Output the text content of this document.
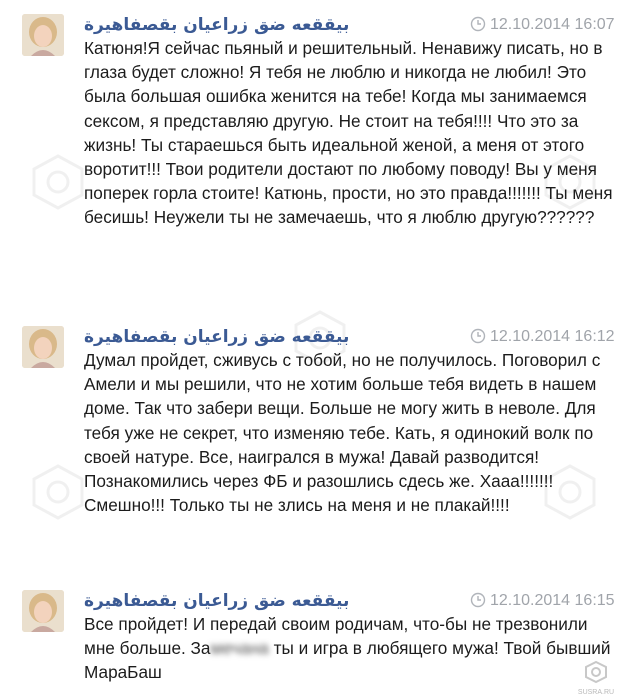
بيققعه ضق زراعيان بقصفاهيرة	12.10.2014 16:07
Катюня!Я сейчас пьяный и решительный. Ненавижу писать, но в глаза будет сложно! Я тебя не люблю и никогда не любил! Это была большая ошибка женится на тебе! Когда мы занимаемся сексом, я представляю другую. Не стоит на тебя!!!! Что это за жизнь! Ты стараешься быть идеальной женой, а меня от этого воротит!!! Твои родители достают по любому поводу! Вы у меня поперек горла стоите! Катюнь, прости, но это правда!!!!!!! Ты меня бесишь! Неужели ты не замечаешь, что я люблю другую??????
بيققعه ضق زراعيان بقصفاهيرة	12.10.2014 16:12
Думал пройдет, сживусь с тобой, но не получилось. Поговорил с Амели и мы решили, что не хотим больше тебя видеть в нашем доме. Так что забери вещи. Больше не могу жить в неволе. Для тебя уже не секрет, что изменяю тебе. Кать, я одинокий волк по своей натуре. Все, наигрался в мужа! Давай разводится! Познакомились через ФБ и разошлись сдесь же. Хааа!!!!!!! Смешно!!! Только ты не злись на меня и не плакай!!!!
بيققعه ضق زراعيان بقصفاهيرة	12.10.2014 16:15
Все пройдет! И передай своим родичам, что-бы не трезвонили мне больше. Замечана ты и игра в любящего мужа! Твой бывший МараБаш
SUSRA.RU
